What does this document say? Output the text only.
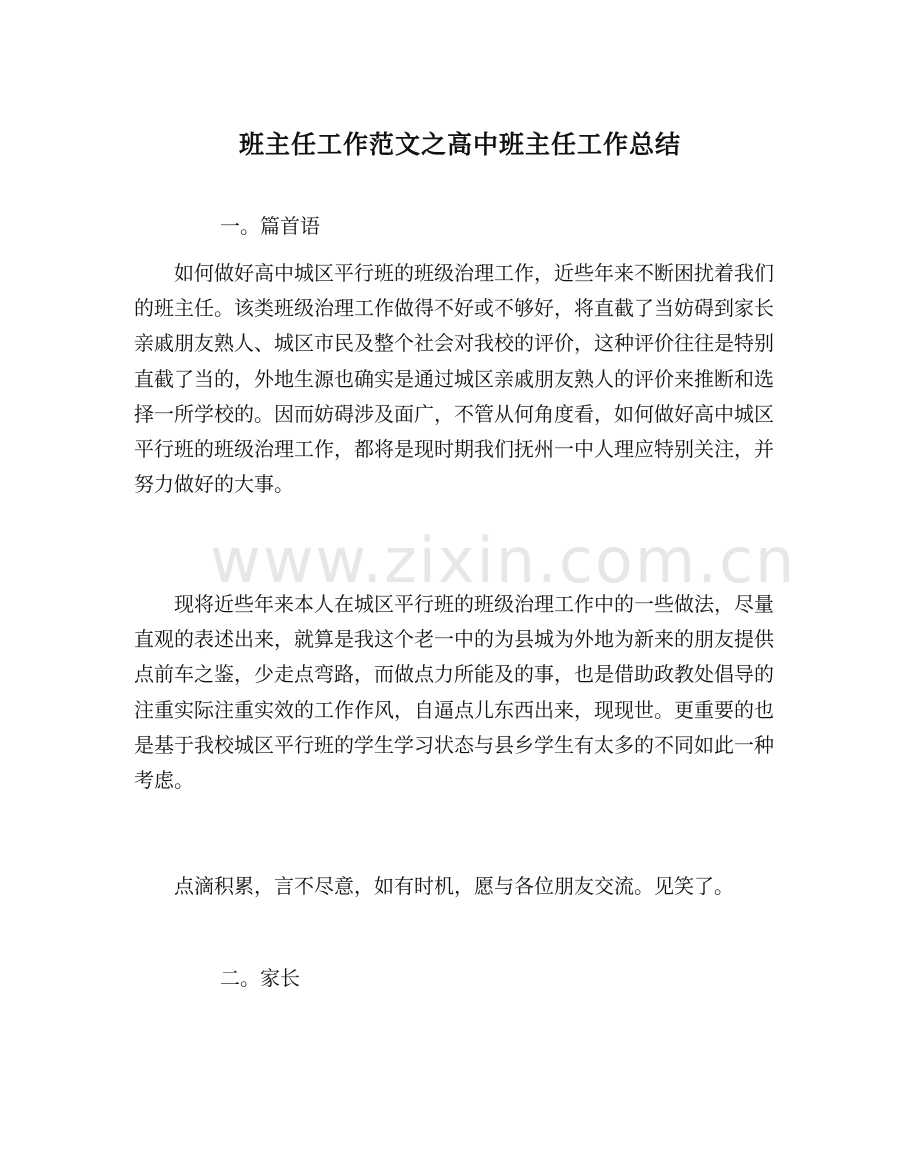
班主任工作范文之高中班主任工作总结
www.zixin.com.cn

一。篇首语

如何做好高中城区平行班的班级治理工作，近些年来不断困扰着我们的班主任。该类班级治理工作做得不好或不够好，将直截了当妨碍到家长亲戚朋友熟人、城区市民及整个社会对我校的评价，这种评价往往是特别直截了当的，外地生源也确实是通过城区亲戚朋友熟人的评价来推断和选择一所学校的。因而妨碍涉及面广，不管从何角度看，如何做好高中城区平行班的班级治理工作，都将是现时期我们抚州一中人理应特别关注，并努力做好的大事。

现将近些年来本人在城区平行班的班级治理工作中的一些做法，尽量直观的表述出来，就算是我这个老一中的为县城为外地为新来的朋友提供点前车之鉴，少走点弯路，而做点力所能及的事，也是借助政教处倡导的注重实际注重实效的工作作风，自逼点儿东西出来，现现世。更重要的也是基于我校城区平行班的学生学习状态与县乡学生有太多的不同如此一种考虑。

点滴积累，言不尽意，如有时机，愿与各位朋友交流。见笑了。

二。家长
